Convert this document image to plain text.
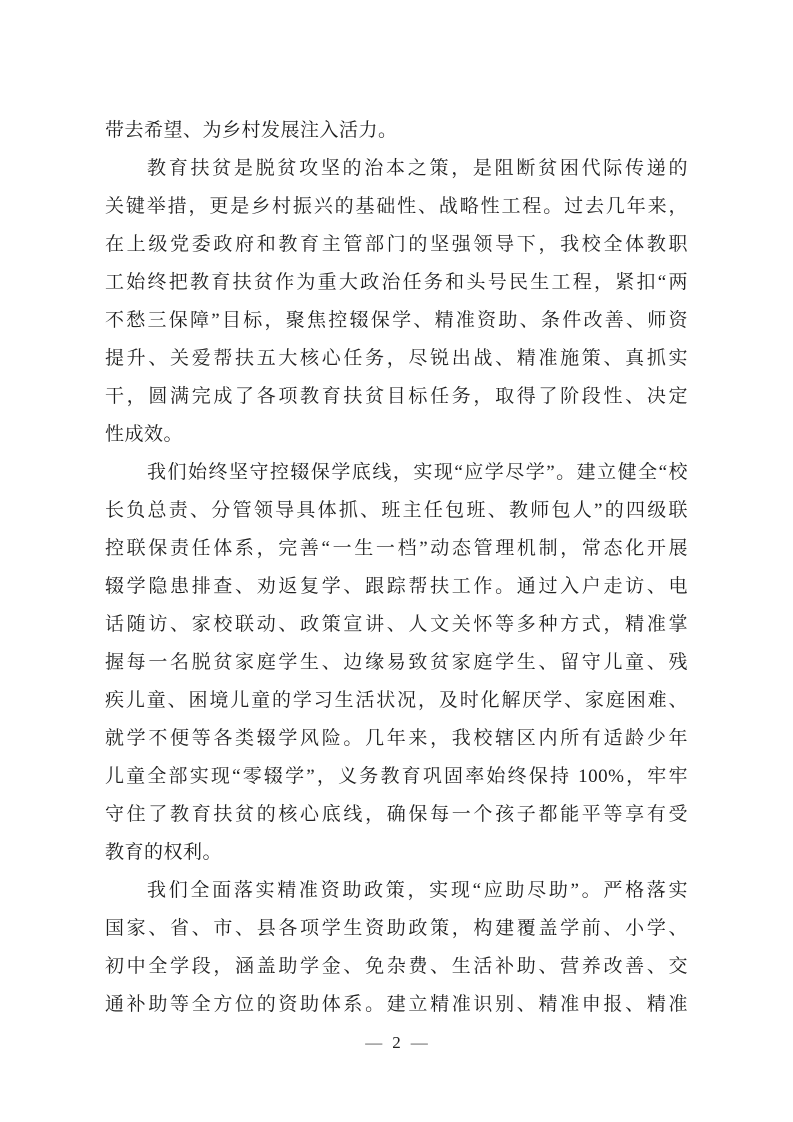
带去希望、为乡村发展注入活力。
教育扶贫是脱贫攻坚的治本之策，是阻断贫困代际传递的
关键举措，更是乡村振兴的基础性、战略性工程。过去几年来，
在上级党委政府和教育主管部门的坚强领导下，我校全体教职
工始终把教育扶贫作为重大政治任务和头号民生工程，紧扣“两
不愁三保障”目标，聚焦控辍保学、精准资助、条件改善、师资
提升、关爱帮扶五大核心任务，尽锐出战、精准施策、真抓实
干，圆满完成了各项教育扶贫目标任务，取得了阶段性、决定
性成效。
我们始终坚守控辍保学底线，实现“应学尽学”。建立健全“校
长负总责、分管领导具体抓、班主任包班、教师包人”的四级联
控联保责任体系，完善“一生一档”动态管理机制，常态化开展
辍学隐患排查、劝返复学、跟踪帮扶工作。通过入户走访、电
话随访、家校联动、政策宣讲、人文关怀等多种方式，精准掌
握每一名脱贫家庭学生、边缘易致贫家庭学生、留守儿童、残
疾儿童、困境儿童的学习生活状况，及时化解厌学、家庭困难、
就学不便等各类辍学风险。几年来，我校辖区内所有适龄少年
儿童全部实现“零辍学”，义务教育巩固率始终保持 100%，牢牢
守住了教育扶贫的核心底线，确保每一个孩子都能平等享有受
教育的权利。
我们全面落实精准资助政策，实现“应助尽助”。严格落实
国家、省、市、县各项学生资助政策，构建覆盖学前、小学、
初中全学段，涵盖助学金、免杂费、生活补助、营养改善、交
通补助等全方位的资助体系。建立精准识别、精准申报、精准
— 2 —
